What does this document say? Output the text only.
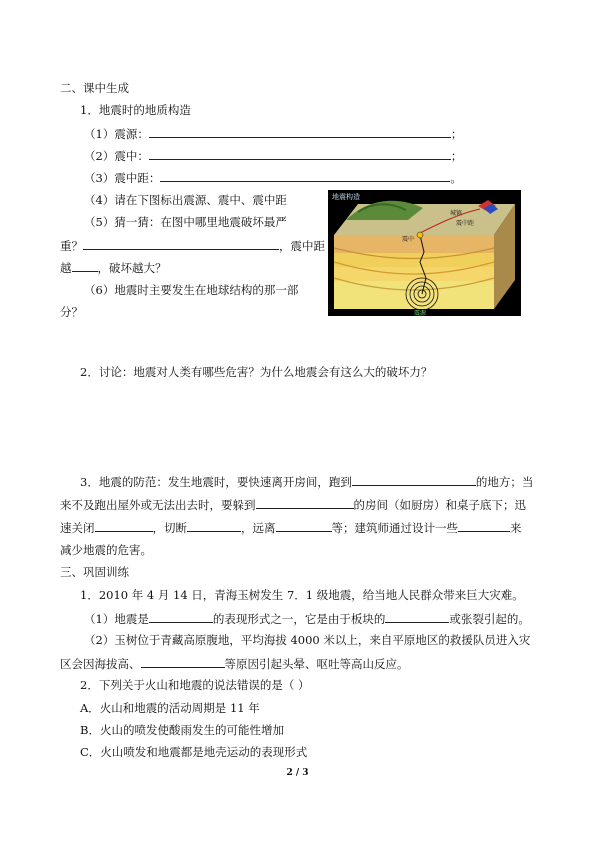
二、课中生成
1．地震时的地质构造
（1）震源：	；
（2）震中：	；
（3）震中距：	。
（4）请在下图标出震源、震中、震中距
（5）猜一猜：在图中哪里地震破坏最严
重？	，震中距
越 ，破坏越大？
（6）地震时主要发生在地球结构的那一部
分？
地震构造
城镇
震中距
震中
震源
2．讨论：地震对人类有哪些危害？为什么地震会有这么大的破坏力？
3．地震的防范：发生地震时，要快速离开房间，跑到	的地方；当
来不及跑出屋外或无法出去时，要躲到	的房间（如厨房）和桌子底下；迅
速关闭	，切断	，远离	等；建筑师通过设计一些	来
减少地震的危害。
三、巩固训练
1．2010 年 4 月 14 日，青海玉树发生 7．1 级地震，给当地人民群众带来巨大灾难。
（1）地震是	的表现形式之一，它是由于板块的	或张裂引起的。
（2）玉树位于青藏高原腹地，平均海拔 4000 米以上，来自平原地区的救援队员进入灾
区会因海拔高、	等原因引起头晕、呕吐等高山反应。
2．下列关于火山和地震的说法错误的是（ ）
A．火山和地震的活动周期是 11 年
B．火山的喷发使酸雨发生的可能性增加
C．火山喷发和地震都是地壳运动的表现形式
2 / 3
